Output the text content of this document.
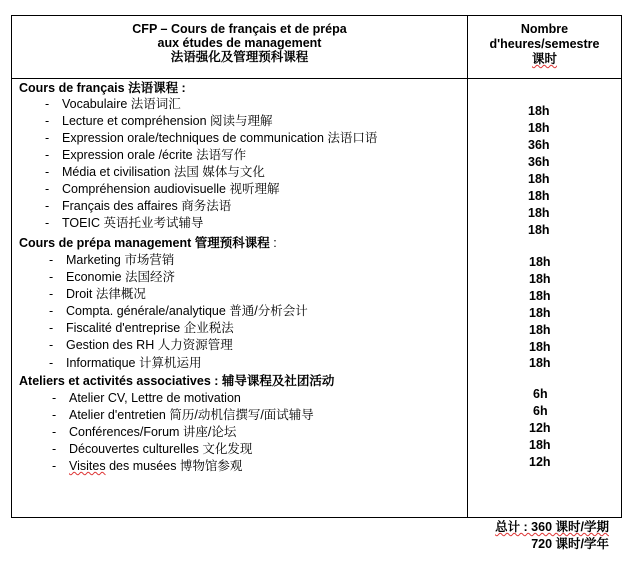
CFP – Cours de français et de prépa
aux études de management
法语强化及管理预科课程
Nombre
d'heures/semestre
课时
Cours de français 法语课程 :
- Vocabulaire 法语词汇	18h
- Lecture et compréhension 阅读与理解	18h
- Expression orale/techniques de communication 法语口语	36h
- Expression orale /écrite 法语写作	36h
- Média et civilisation 法国 媒体与文化	18h
- Compréhension audiovisuelle 视听理解	18h
- Français des affaires 商务法语	18h
- TOEIC 英语托业考试辅导	18h
Cours de prépa management 管理预科课程 :
- Marketing 市场营销	18h
- Economie 法国经济	18h
- Droit 法律概况	18h
- Compta. générale/analytique 普通/分析会计	18h
- Fiscalité d'entreprise 企业税法	18h
- Gestion des RH 人力资源管理	18h
- Informatique 计算机运用	18h
Ateliers et activités associatives : 辅导课程及社团活动
- Atelier CV, Lettre de motivation	6h
- Atelier d'entretien 简历/动机信撰写/面试辅导	6h
- Conférences/Forum 讲座/论坛	12h
- Découvertes culturelles 文化发现	18h
- Visites des musées 博物馆参观	12h
总计 : 360 课时/学期
720 课时/学年
